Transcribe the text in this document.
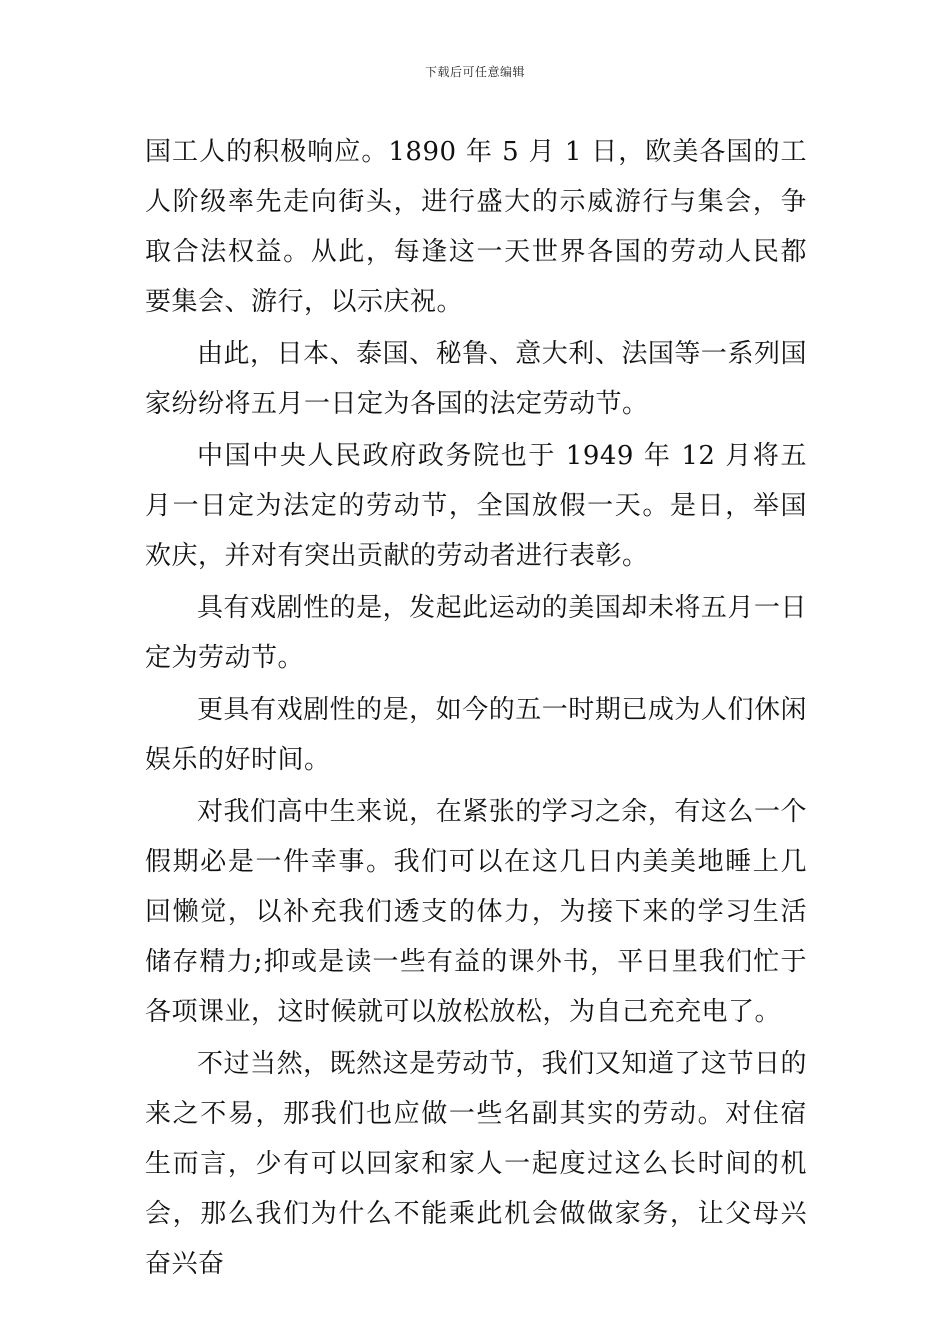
下载后可任意编辑

国工人的积极响应。1890 年 5 月 1 日，欧美各国的工人阶级率先走向街头，进行盛大的示威游行与集会，争取合法权益。从此，每逢这一天世界各国的劳动人民都要集会、游行，以示庆祝。

由此，日本、泰国、秘鲁、意大利、法国等一系列国家纷纷将五月一日定为各国的法定劳动节。

中国中央人民政府政务院也于 1949 年 12 月将五月一日定为法定的劳动节，全国放假一天。是日，举国欢庆，并对有突出贡献的劳动者进行表彰。

具有戏剧性的是，发起此运动的美国却未将五月一日定为劳动节。

更具有戏剧性的是，如今的五一时期已成为人们休闲娱乐的好时间。

对我们高中生来说，在紧张的学习之余，有这么一个假期必是一件幸事。我们可以在这几日内美美地睡上几回懒觉，以补充我们透支的体力，为接下来的学习生活储存精力;抑或是读一些有益的课外书，平日里我们忙于各项课业，这时候就可以放松放松，为自己充充电了。

不过当然，既然这是劳动节，我们又知道了这节日的来之不易，那我们也应做一些名副其实的劳动。对住宿生而言，少有可以回家和家人一起度过这么长时间的机会，那么我们为什么不能乘此机会做做家务，让父母兴奋兴奋
